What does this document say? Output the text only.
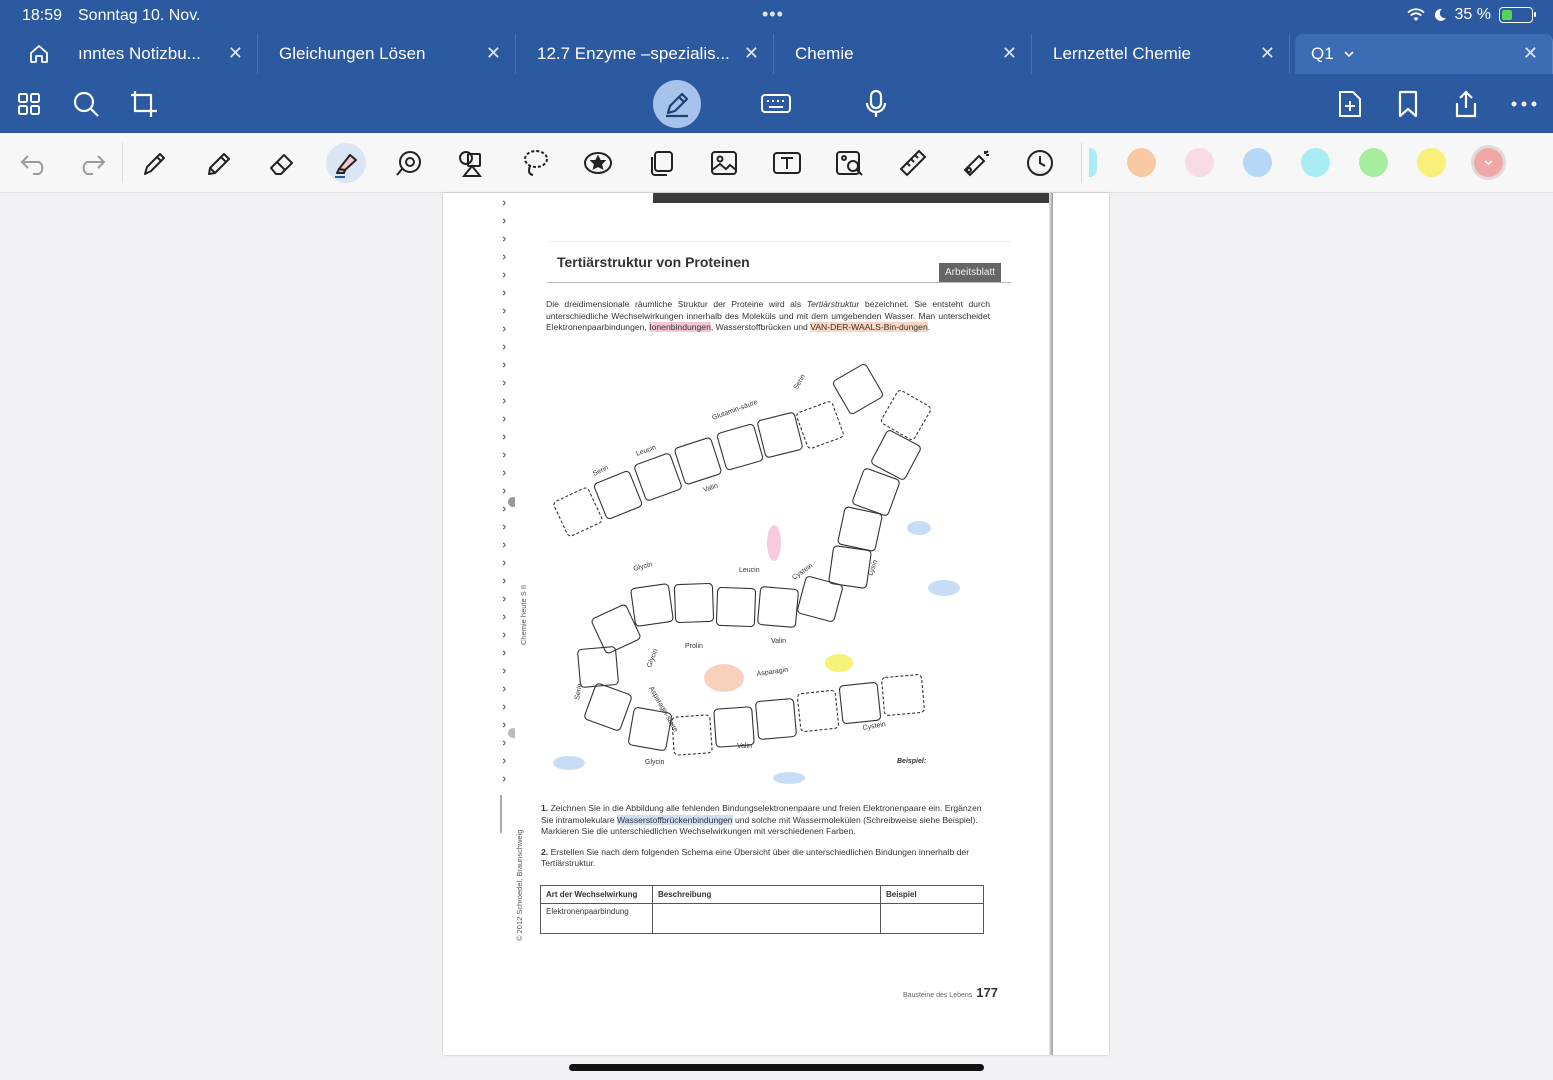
18:59 Sonntag 10. Nov.	•••	35 %
ınntes Notizbu... ✕ Gleichungen Lösen	✕ 12.7 Enzyme –spezialis... ✕ Chemie	✕ Lernzettel Chemie	✕ Q1	✕
Chemie heute S II
© 2012 Schroedel, Braunschweig
Tertiärstruktur von Proteinen
Arbeitsblatt

Die dreidimensionale räumliche Struktur der Proteine wird als Tertiärstruktur bezeichnet. Sie entsteht durch unterschiedliche Wechselwirkungen innerhalb des Moleküls und mit dem umgebenden Wasser. Man unterscheidet Elektronenpaarbindungen, Ionenbindungen, Wasserstoffbrücken und VAN-DER-WAALS-Bin-dungen.

Serin
Leucin
Glutamin-säure
Valin
Serin
Glycin	Leucin	Cystein	Lysin
Prolin
Valin
Glycin
Serin	Asparagin-säure
Asparagin
Cystein
Glycin
Valin
Beispiel:

1. Zeichnen Sie in die Abbildung alle fehlenden Bindungselektronenpaare und freien Elektronenpaare ein. Ergänzen Sie intramolekulare Wasserstoffbrückenbindungen und solche mit Wassermolekülen (Schreibweise siehe Beispiel). Markieren Sie die unterschiedlichen Wechselwirkungen mit verschiedenen Farben.

2. Erstellen Sie nach dem folgenden Schema eine Übersicht über die unterschiedlichen Bindungen innerhalb der Tertiärstruktur.

Art der Wechselwirkung	Beschreibung	Beispiel
Elektronenpaarbindung		
Bausteine des Lebens 177
